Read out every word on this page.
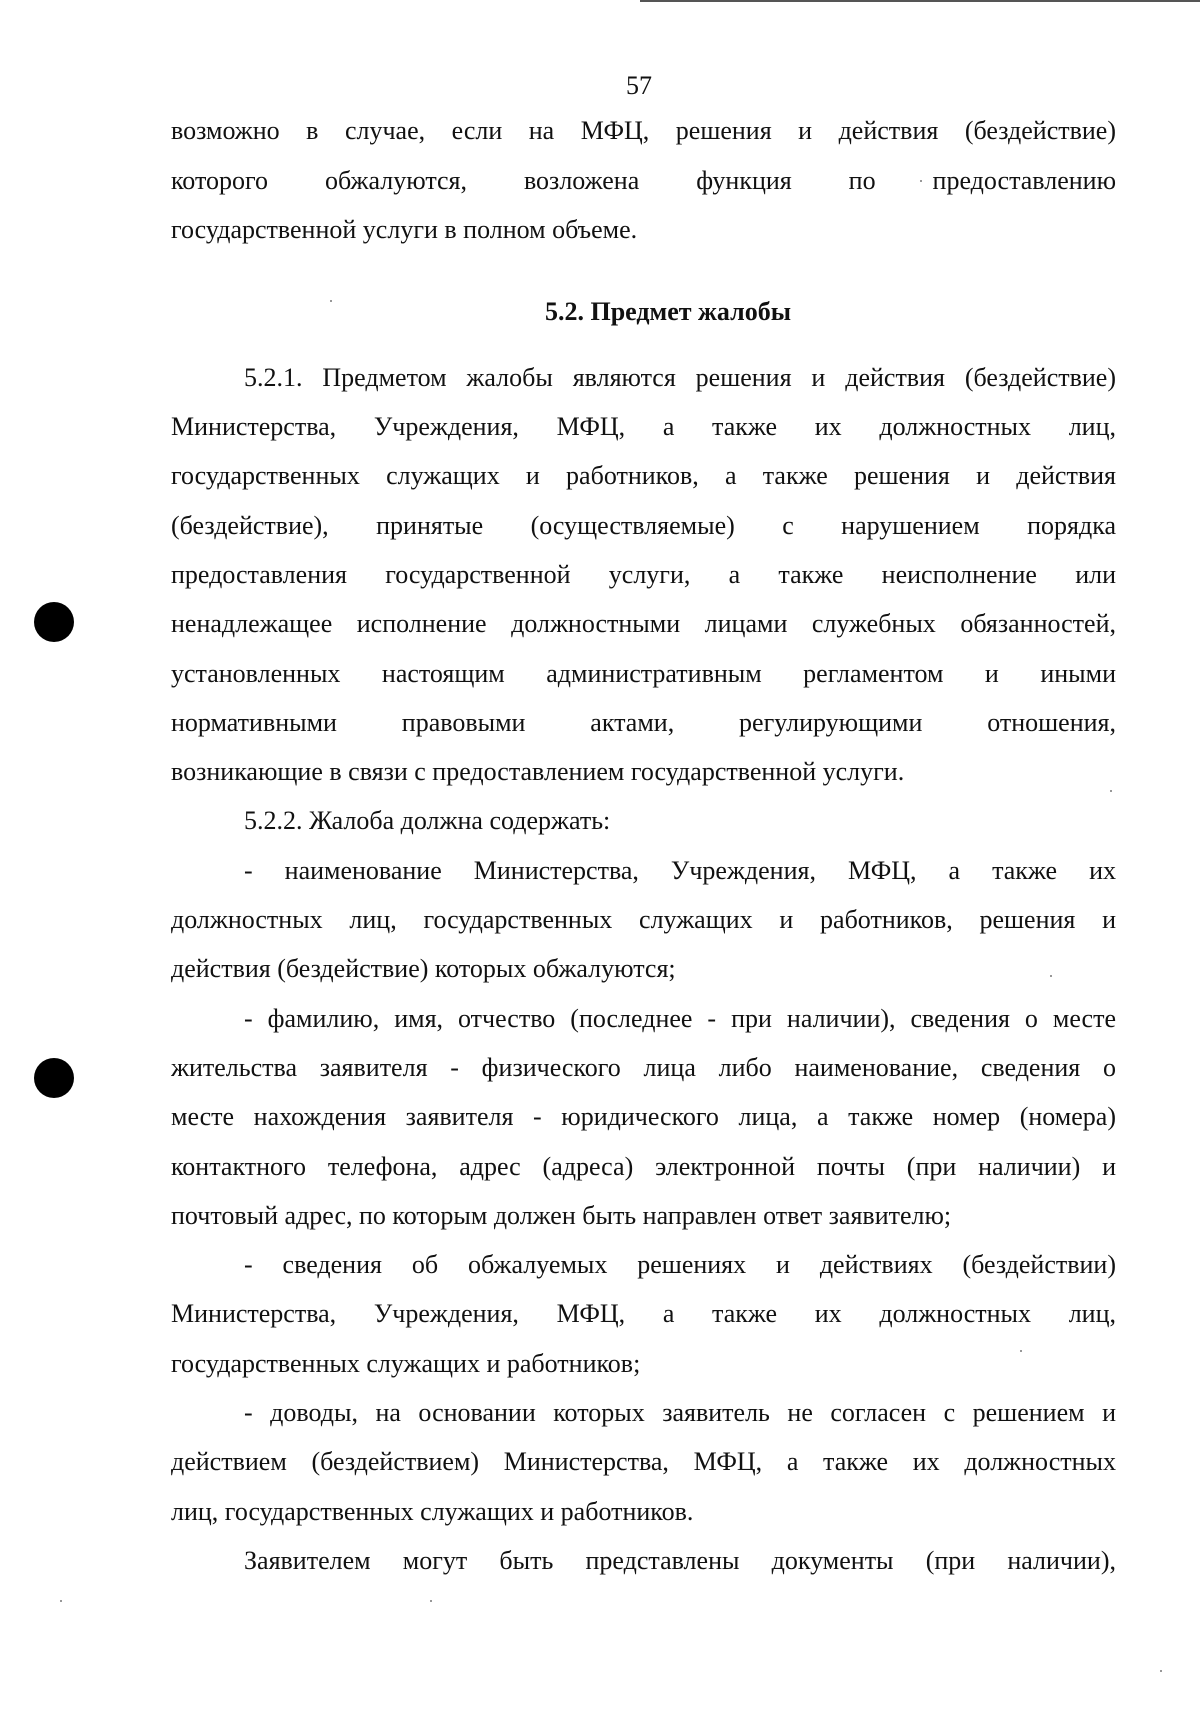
57
возможно в случае, если на МФЦ, решения и действия (бездействие)
которого обжалуются, возложена функция по предоставлению
государственной услуги в полном объеме.
5.2. Предмет жалобы
5.2.1. Предметом жалобы являются решения и действия (бездействие)
Министерства, Учреждения, МФЦ, а также их должностных лиц,
государственных служащих и работников, а также решения и действия
(бездействие), принятые (осуществляемые) с нарушением порядка
предоставления государственной услуги, а также неисполнение или
ненадлежащее исполнение должностными лицами служебных обязанностей,
установленных настоящим административным регламентом и иными
нормативными правовыми актами, регулирующими отношения,
возникающие в связи с предоставлением государственной услуги.
5.2.2. Жалоба должна содержать:
- наименование Министерства, Учреждения, МФЦ, а также их
должностных лиц, государственных служащих и работников, решения и
действия (бездействие) которых обжалуются;
- фамилию, имя, отчество (последнее - при наличии), сведения о месте
жительства заявителя - физического лица либо наименование, сведения о
месте нахождения заявителя - юридического лица, а также номер (номера)
контактного телефона, адрес (адреса) электронной почты (при наличии) и
почтовый адрес, по которым должен быть направлен ответ заявителю;
- сведения об обжалуемых решениях и действиях (бездействии)
Министерства, Учреждения, МФЦ, а также их должностных лиц,
государственных служащих и работников;
- доводы, на основании которых заявитель не согласен с решением и
действием (бездействием) Министерства, МФЦ, а также их должностных
лиц, государственных служащих и работников.
Заявителем могут быть представлены документы (при наличии),
